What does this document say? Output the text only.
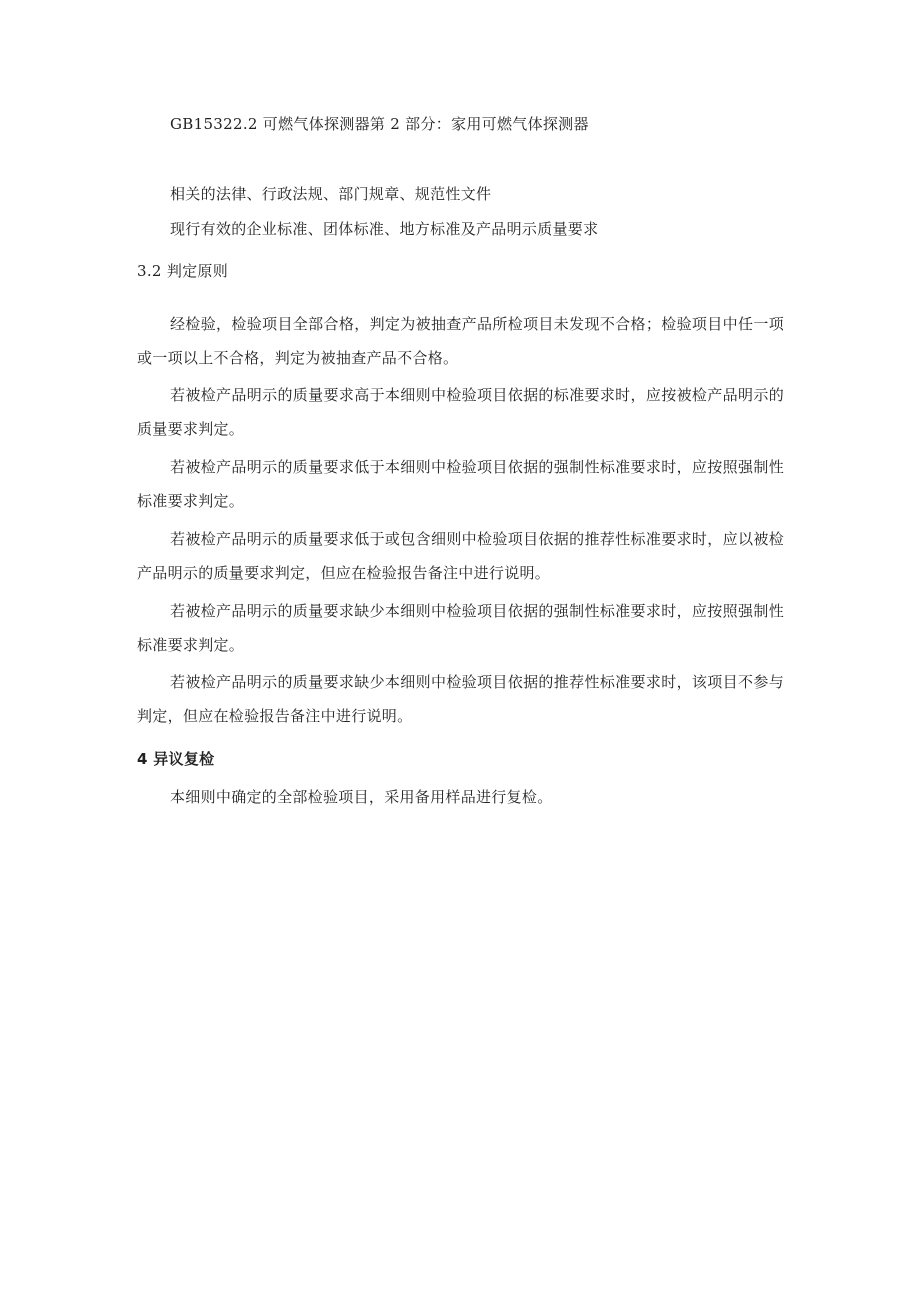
GB15322.2 可燃气体探测器第 2 部分：家用可燃气体探测器
相关的法律、行政法规、部门规章、规范性文件
现行有效的企业标准、团体标准、地方标准及产品明示质量要求
3.2 判定原则
经检验，检验项目全部合格，判定为被抽查产品所检项目未发现不合格；检验项目中任一项或一项以上不合格，判定为被抽查产品不合格。
若被检产品明示的质量要求高于本细则中检验项目依据的标准要求时，应按被检产品明示的质量要求判定。
若被检产品明示的质量要求低于本细则中检验项目依据的强制性标准要求时，应按照强制性标准要求判定。
若被检产品明示的质量要求低于或包含细则中检验项目依据的推荐性标准要求时，应以被检产品明示的质量要求判定，但应在检验报告备注中进行说明。
若被检产品明示的质量要求缺少本细则中检验项目依据的强制性标准要求时，应按照强制性标准要求判定。
若被检产品明示的质量要求缺少本细则中检验项目依据的推荐性标准要求时，该项目不参与判定，但应在检验报告备注中进行说明。
4 异议复检
本细则中确定的全部检验项目，采用备用样品进行复检。
